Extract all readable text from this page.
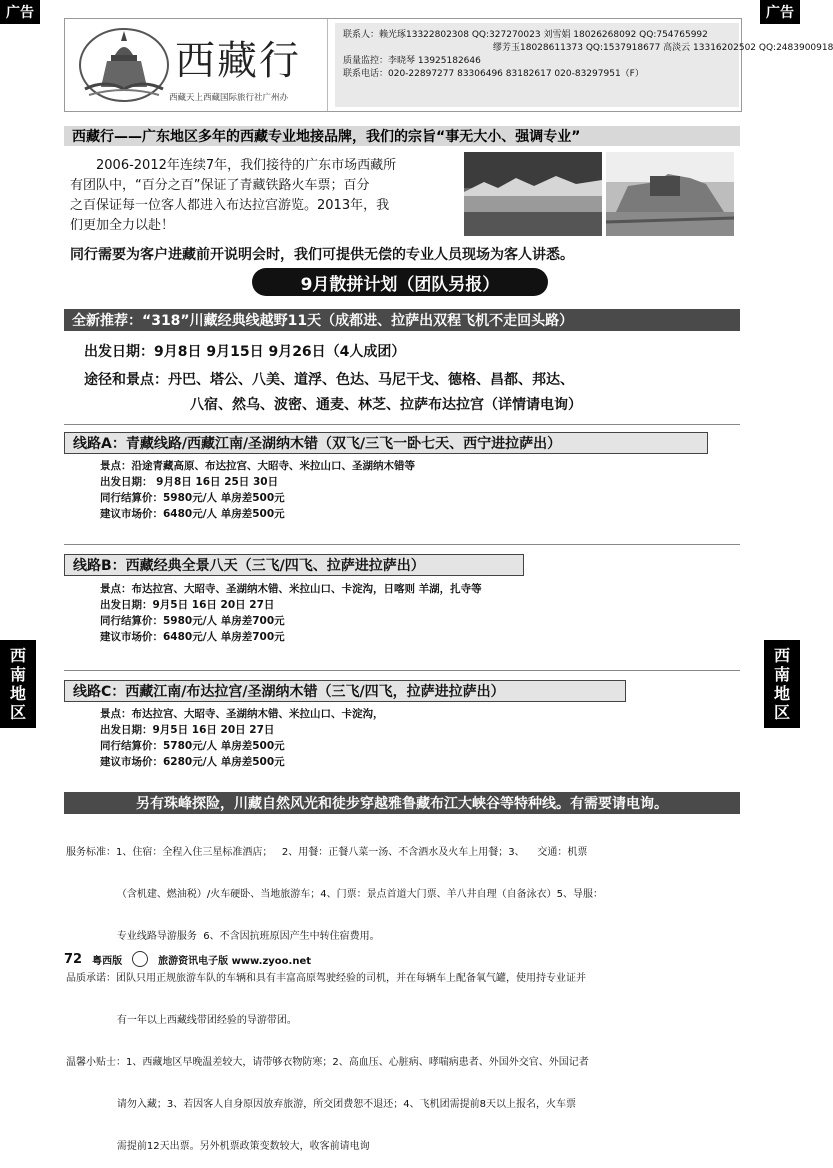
广告	广告
西藏行
西藏天上西藏国际旅行社广州办
联系人：赖光琢13322802308 QQ:327270023 刘雪娟 18026268092 QQ:754765992
缪芳玉18028611373 QQ:1537918677 高淡云 13316202502 QQ:2483900918
质量监控：李晓琴 13925182646
联系电话：020-22897277 83306496 83182617 020-83297951（F）
西藏行——广东地区多年的西藏专业地接品牌，我们的宗旨“事无大小、强调专业”
2006-2012年连续7年，我们接待的广东市场西藏所
有团队中，“百分之百”保证了青藏铁路火车票；百分
之百保证每一位客人都进入布达拉宫游览。2013年，我
们更加全力以赴！
同行需要为客户进藏前开说明会时，我们可提供无偿的专业人员现场为客人讲悉。
9月散拼计划（团队另报）
全新推荐：“318”川藏经典线越野11天（成都进、拉萨出双程飞机不走回头路）
出发日期：9月8日 9月15日 9月26日（4人成团）
途径和景点：丹巴、塔公、八美、道浮、色达、马尼干戈、德格、昌都、邦达、
八宿、然乌、波密、通麦、林芝、拉萨布达拉宫（详情请电询）
线路A：青藏线路/西藏江南/圣湖纳木错（双飞/三飞一卧七天、西宁进拉萨出）
景点：沿途青藏高原、布达拉宫、大昭寺、米拉山口、圣湖纳木错等
出发日期： 9月8日 16日 25日 30日
同行结算价：5980元/人 单房差500元
建议市场价：6480元/人 单房差500元
线路B：西藏经典全景八天（三飞/四飞、拉萨进拉萨出）
景点：布达拉宫、大昭寺、圣湖纳木错、米拉山口、卡淀沟，日喀则 羊湖，扎寺等
出发日期：9月5日 16日 20日 27日
同行结算价：5980元/人 单房差700元
建议市场价：6480元/人 单房差700元
线路C：西藏江南/布达拉宫/圣湖纳木错（三飞/四飞，拉萨进拉萨出）
景点：布达拉宫、大昭寺、圣湖纳木错、米拉山口、卡淀沟，
出发日期：9月5日 16日 20日 27日
同行结算价：5780元/人 单房差500元
建议市场价：6280元/人 单房差500元
另有珠峰探险，川藏自然风光和徒步穿越雅鲁藏布江大峡谷等特种线。有需要请电询。

服务标准：1、住宿：全程入住三星标准酒店；   2、用餐：正餐八菜一汤、不含酒水及火车上用餐；3、    交通：机票

（含机建、燃油税）/火车硬卧、当地旅游车；4、门票：景点首道大门票、羊八井自理（自备泳衣）5、导服：

专业线路导游服务  6、不含因抗班原因产生中转住宿费用。

品质承诺：团队只用正规旅游车队的车辆和具有丰富高原驾驶经验的司机，并在每辆车上配备氧气罐，使用持专业证并

有一年以上西藏线带团经验的导游带团。

温馨小贴士：1、西藏地区早晚温差较大，请带够衣物防寒；2、高血压、心脏病、哮喘病患者、外国外交官、外国记者

请勿入藏；3、若因客人自身原因放弃旅游，所交团费恕不退还；4、飞机团需提前8天以上报名，火车票

需提前12天出票。另外机票政策变数较大，收客前请电询

西
南
地
区
西
南
地
区
72 粤西版	旅游资讯电子版 www.zyoo.net
